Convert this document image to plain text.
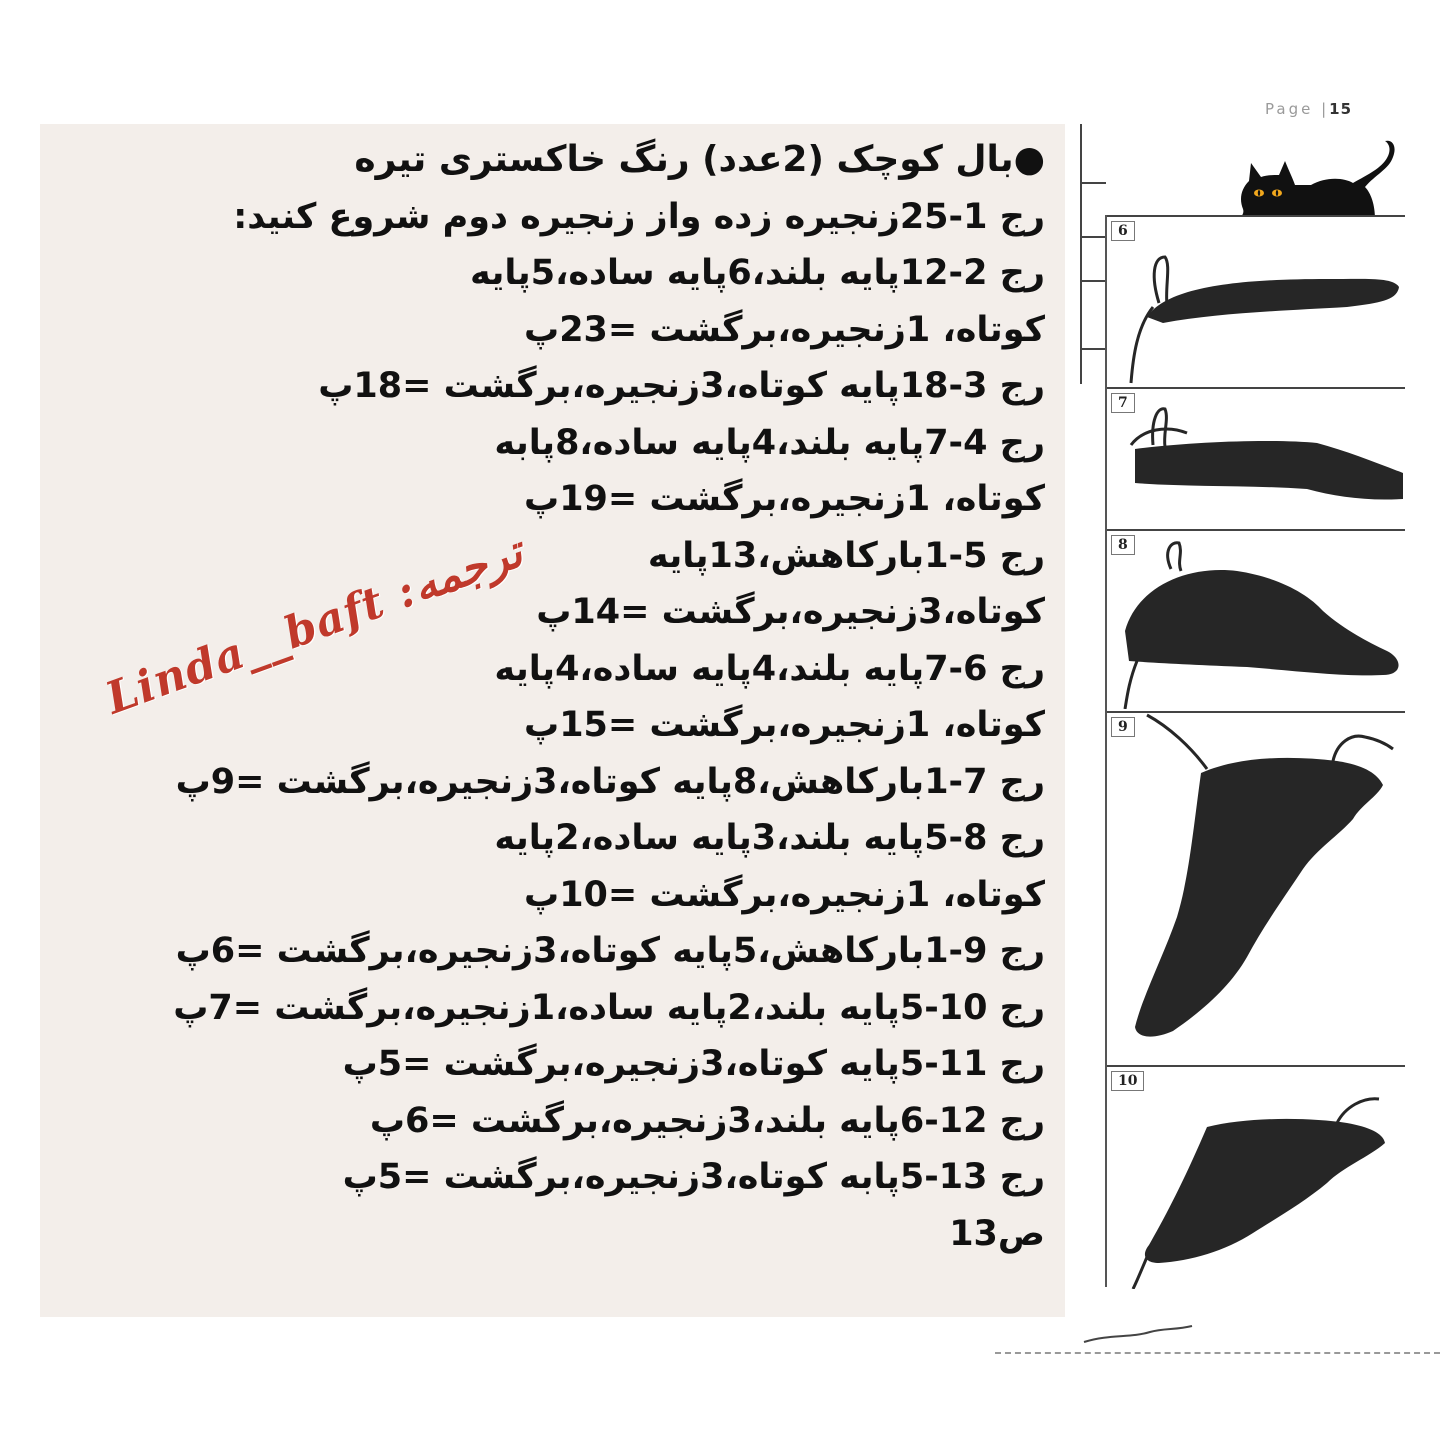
●بال کوچک (2عدد) رنگ خاکستری تیره
رج 1-25زنجیره زده واز زنجیره دوم شروع کنید:
رج 2-12پایه بلند،6پایه ساده،5پایه
کوتاه، 1زنجیره،برگشت =23پ
رج 3-18پایه کوتاه،3زنجیره،برگشت =18پ
رج 4-7پایه بلند،4پایه ساده،8پابه
کوتاه، 1زنجیره،برگشت =19پ
رج 5-1بارکاهش،13پایه
کوتاه،3زنجیره،برگشت =14پ
رج 6-7پایه بلند،4پایه ساده،4پایه
کوتاه، 1زنجیره،برگشت =15پ
رج 7-1بارکاهش،8پایه کوتاه،3زنجیره،برگشت =9پ
رج 8-5پایه بلند،3پایه ساده،2پایه
کوتاه، 1زنجیره،برگشت =10پ
رج 9-1بارکاهش،5پایه کوتاه،3زنجیره،برگشت =6پ
رج 10-5پایه بلند،2پایه ساده،1زنجیره،برگشت =7پ
رج 11-5پایه کوتاه،3زنجیره،برگشت =5پ
رج 12-6پایه بلند،3زنجیره،برگشت =6پ
رج 13-5پابه کوتاه،3زنجیره،برگشت =5پ
ص13
Linda__baft :ترجمه
Page |15
6
7
8
9
10
